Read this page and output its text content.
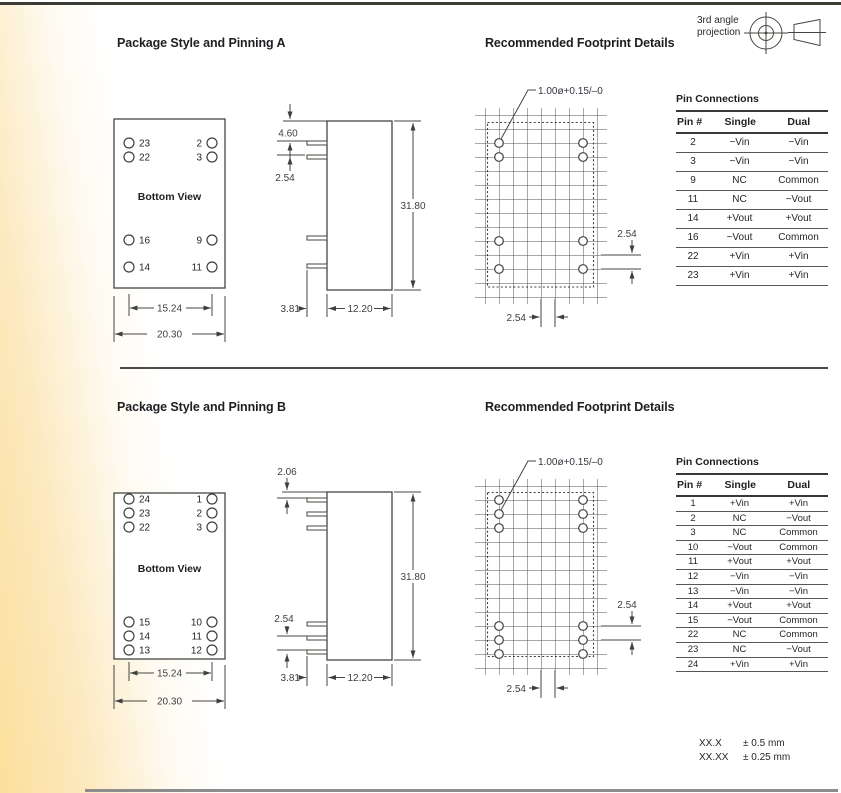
Package Style and Pinning A	Recommended Footprint Details
Package Style and Pinning B	Recommended Footprint Details
3rd angle
projection
23
22
16
14
2
3
9
11
Bottom View
15.24
20.30
4.60
2.54
31.80
3.81	12.20
1.00ø+0.15/–0
2.54
2.54
24
23
22
15
14
13
1
2
3
10
11
12
Bottom View
15.24
20.30
2.06
2.54
31.80
3.81	12.20
1.00ø+0.15/–0
2.54
2.54
Pin Connections
Pin #	Single	Dual
2	−Vin	−Vin
3	−Vin	−Vin
9	NC	Common
11	NC	−Vout
14	+Vout	+Vout
16	−Vout	Common
22	+Vin	+Vin
23	+Vin	+Vin
Pin Connections
Pin #	Single	Dual
1	+Vin	+Vin
2	NC	−Vout
3	NC	Common
10	−Vout	Common
11	+Vout	+Vout
12	−Vin	−Vin
13	−Vin	−Vin
14	+Vout	+Vout
15	−Vout	Common
22	NC	Common
23	NC	−Vout
24	+Vin	+Vin
XX.X ± 0.5 mm
XX.XX ± 0.25 mm
